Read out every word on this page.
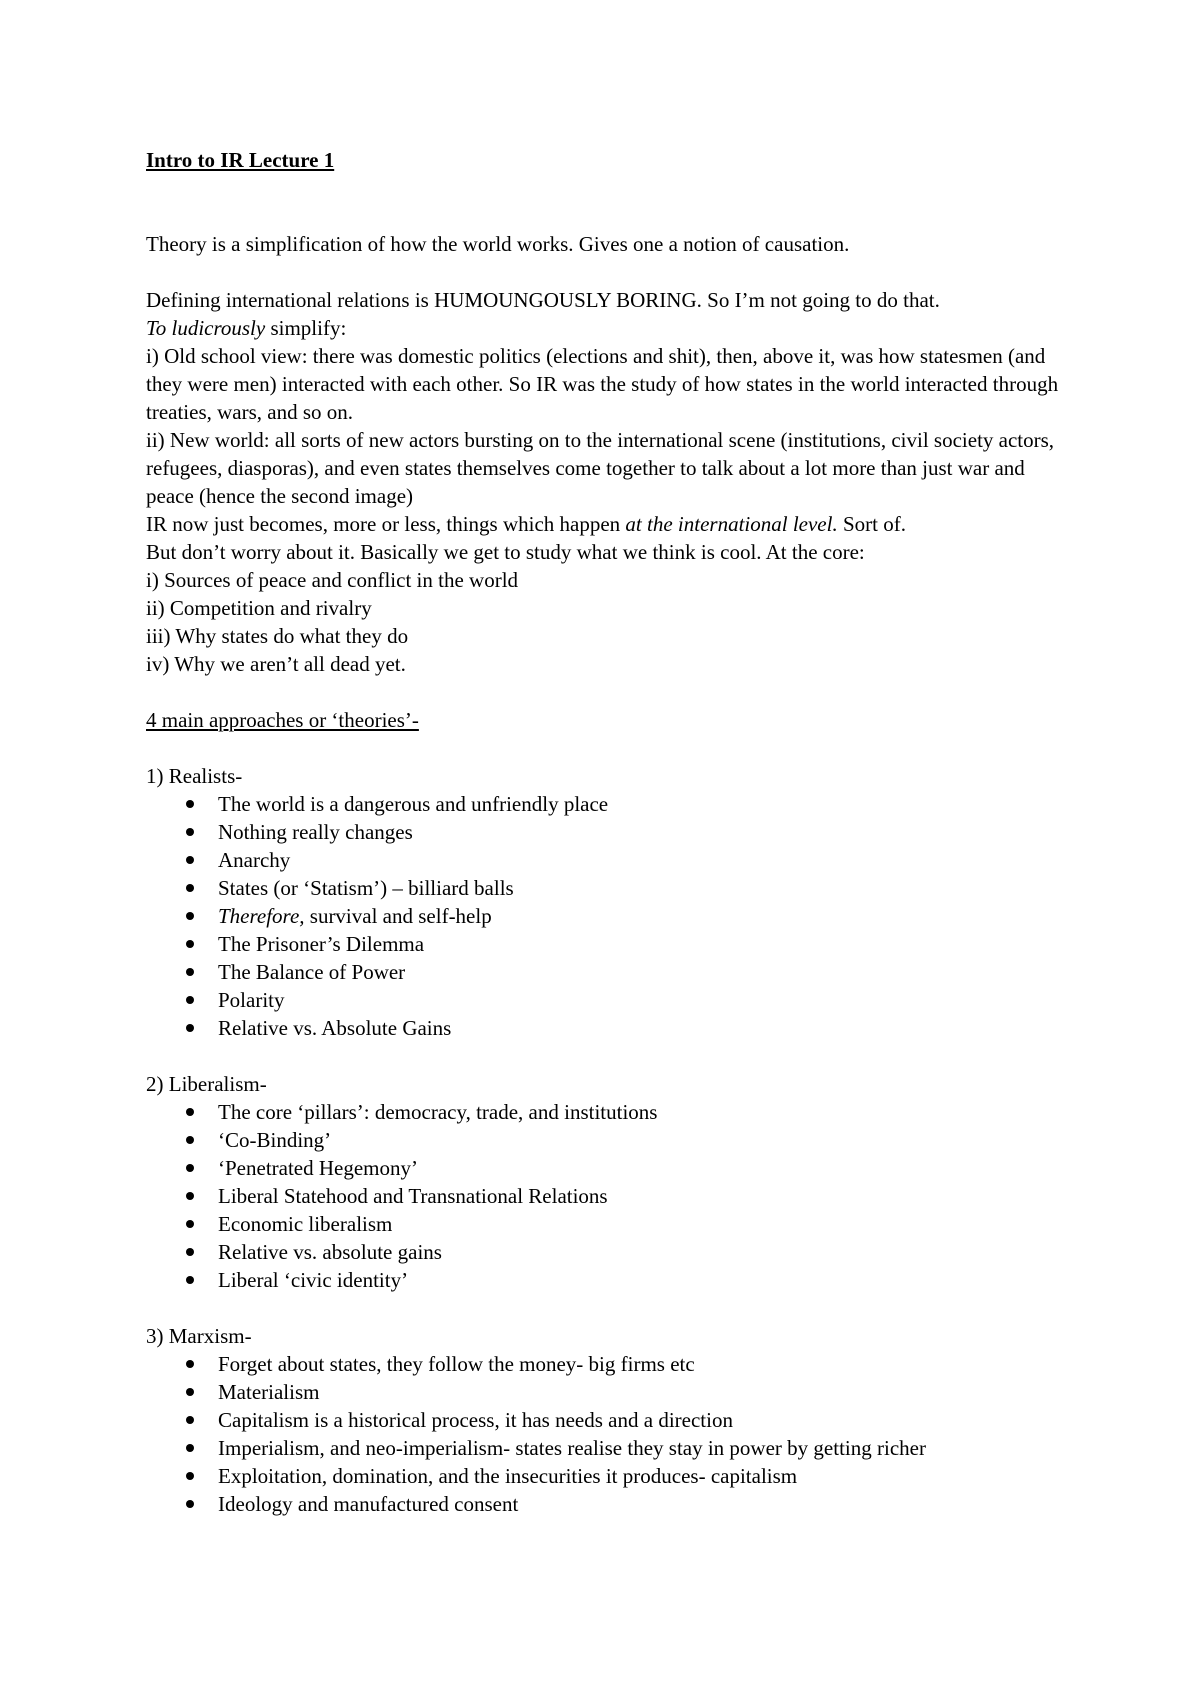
Intro to IR Lecture 1

Theory is a simplification of how the world works. Gives one a notion of causation.

Defining international relations is HUMOUNGOUSLY BORING. So I’m not going to do that.

To ludicrously simplify:

i) Old school view: there was domestic politics (elections and shit), then, above it, was how statesmen (and they were men) interacted with each other. So IR was the study of how states in the world interacted through treaties, wars, and so on.

ii) New world: all sorts of new actors bursting on to the international scene (institutions, civil society actors, refugees, diasporas), and even states themselves come together to talk about a lot more than just war and peace (hence the second image)

IR now just becomes, more or less, things which happen at the international level. Sort of.

But don’t worry about it. Basically we get to study what we think is cool. At the core:

i) Sources of peace and conflict in the world

ii) Competition and rivalry

iii) Why states do what they do

iv) Why we aren’t all dead yet.

4 main approaches or ‘theories’-

1) Realists-

The world is a dangerous and unfriendly place
Nothing really changes
Anarchy
States (or ‘Statism’) – billiard balls
Therefore, survival and self-help
The Prisoner’s Dilemma
The Balance of Power
Polarity
Relative vs. Absolute Gains

2) Liberalism-

The core ‘pillars’: democracy, trade, and institutions
‘Co-Binding’
‘Penetrated Hegemony’
Liberal Statehood and Transnational Relations
Economic liberalism
Relative vs. absolute gains
Liberal ‘civic identity’

3) Marxism-

Forget about states, they follow the money- big firms etc
Materialism
Capitalism is a historical process, it has needs and a direction
Imperialism, and neo-imperialism- states realise they stay in power by getting richer
Exploitation, domination, and the insecurities it produces- capitalism
Ideology and manufactured consent
